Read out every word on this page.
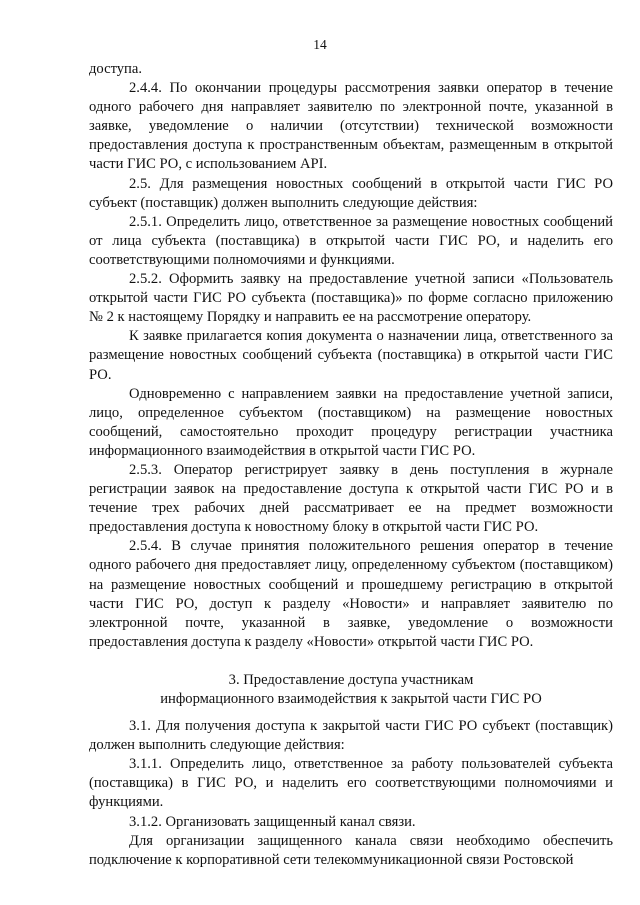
14

доступа.

2.4.4. По окончании процедуры рассмотрения заявки оператор в течение одного рабочего дня направляет заявителю по электронной почте, указанной в заявке, уведомление о наличии (отсутствии) технической возможности предоставления доступа к пространственным объектам, размещенным в открытой части ГИС РО, с использованием API.

2.5. Для размещения новостных сообщений в открытой части ГИС РО субъект (поставщик) должен выполнить следующие действия:

2.5.1. Определить лицо, ответственное за размещение новостных сообщений от лица субъекта (поставщика) в открытой части ГИС РО, и наделить его соответствующими полномочиями и функциями.

2.5.2. Оформить заявку на предоставление учетной записи «Пользователь открытой части ГИС РО субъекта (поставщика)» по форме согласно приложению № 2 к настоящему Порядку и направить ее на рассмотрение оператору.

К заявке прилагается копия документа о назначении лица, ответственного за размещение новостных сообщений субъекта (поставщика) в открытой части ГИС РО.

Одновременно с направлением заявки на предоставление учетной записи, лицо, определенное субъектом (поставщиком) на размещение новостных сообщений, самостоятельно проходит процедуру регистрации участника информационного взаимодействия в открытой части ГИС РО.

2.5.3. Оператор регистрирует заявку в день поступления в журнале регистрации заявок на предоставление доступа к открытой части ГИС РО и в течение трех рабочих дней рассматривает ее на предмет возможности предоставления доступа к новостному блоку в открытой части ГИС РО.

2.5.4. В случае принятия положительного решения оператор в течение одного рабочего дня предоставляет лицу, определенному субъектом (поставщиком) на размещение новостных сообщений и прошедшему регистрацию в открытой части ГИС РО, доступ к разделу «Новости» и направляет заявителю по электронной почте, указанной в заявке, уведомление о возможности предоставления доступа к разделу «Новости» открытой части ГИС РО.

3. Предоставление доступа участникам
информационного взаимодействия к закрытой части ГИС РО

3.1. Для получения доступа к закрытой части ГИС РО субъект (поставщик) должен выполнить следующие действия:

3.1.1. Определить лицо, ответственное за работу пользователей субъекта (поставщика) в ГИС РО, и наделить его соответствующими полномочиями и функциями.

3.1.2. Организовать защищенный канал связи.

Для организации защищенного канала связи необходимо обеспечить подключение к корпоративной сети телекоммуникационной связи Ростовской
